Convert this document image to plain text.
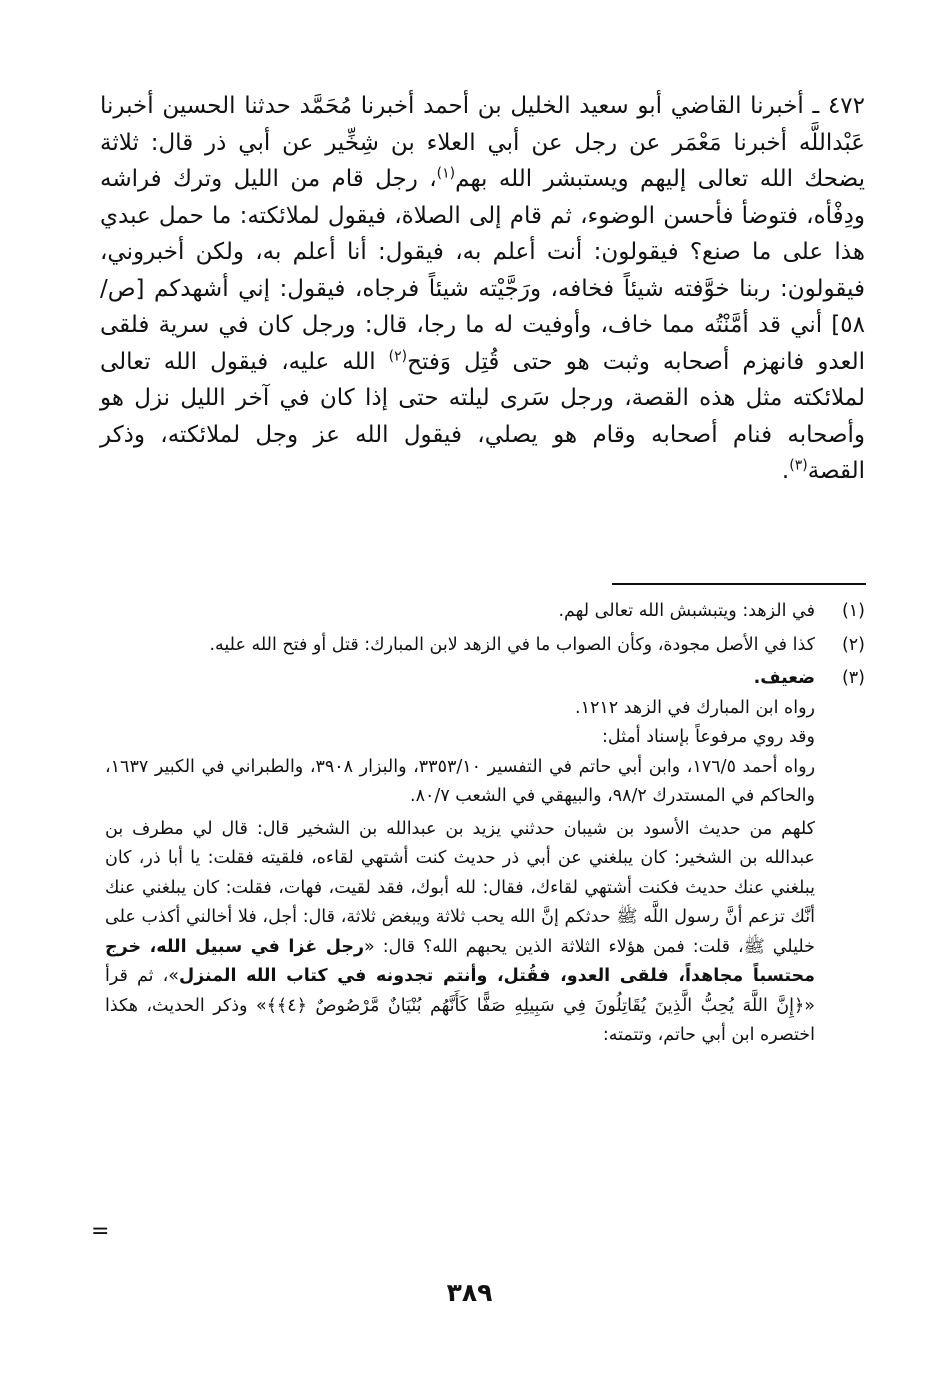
٤٧٢ ـ أخبرنا القاضي أبو سعيد الخليل بن أحمد أخبرنا مُحَمَّد حدثنا الحسين أخبرنا عَبْداللَّه أخبرنا مَعْمَر عن رجل عن أبي العلاء بن شِخِّير عن أبي ذر قال: ثلاثة يضحك الله تعالى إليهم ويستبشر الله بهم$^{(١)}$، رجل قام من الليل وترك فراشه ودِفْأه، فتوضأ فأحسن الوضوء، ثم قام إلى الصلاة، فيقول لملائكته: ما حمل عبدي هذا على ما صنع؟ فيقولون: أنت أعلم به، فيقول: أنا أعلم به، ولكن أخبروني، فيقولون: ربنا خوَّفته شيئاً فخافه، ورَجَّيْته شيئاً فرجاه، فيقول: إني أشهدكم [ص/٥٨] أني قد أمَّنْتُه مما خاف، وأوفيت له ما رجا، قال: ورجل كان في سرية فلقى العدو فانهزم أصحابه وثبت هو حتى قُتِل وَفتح$^{(٢)}$ الله عليه، فيقول الله تعالى لملائكته مثل هذه القصة، ورجل سَرى ليلته حتى إذا كان في آخر الليل نزل هو وأصحابه فنام أصحابه وقام هو يصلي، فيقول الله عز وجل لملائكته، وذكر القصة$^{(٣)}$.

(١)

في الزهد: ويتبشبش الله تعالى لهم.

(٢)

كذا في الأصل مجودة، وكأن الصواب ما في الزهد لابن المبارك: قتل أو فتح الله عليه.

(٣)

ضعيف.

رواه ابن المبارك في الزهد ١٢١٢.

وقد روي مرفوعاً بإسناد أمثل:

رواه أحمد ١٧٦/٥، وابن أبي حاتم في التفسير ٣٣٥٣/١٠، والبزار ٣٩٠٨، والطبراني في الكبير ١٦٣٧، والحاكم في المستدرك ٩٨/٢، والبيهقي في الشعب ٨٠/٧.

كلهم من حديث الأسود بن شيبان حدثني يزيد بن عبدالله بن الشخير قال: قال لي مطرف بن عبدالله بن الشخير: كان يبلغني عن أبي ذر حديث كنت أشتهي لقاءه، فلقيته فقلت: يا أبا ذر، كان يبلغني عنك حديث فكنت أشتهي لقاءك، فقال: لله أبوك، فقد لقيت، فهات، فقلت: كان يبلغني عنك أنَّك تزعم أنَّ رسول اللَّه ﷺ حدثكم إنَّ الله يحب ثلاثة ويبغض ثلاثة، قال: أجل، فلا أخالني أكذب على خليلي ﷺ، قلت: فمن هؤلاء الثلاثة الذين يحبهم الله؟ قال: «رجل غزا في سبيل الله، خرج محتسباً مجاهداً، فلقى العدو، فقُتل، وأنتم تجدونه في كتاب الله المنزل»، ثم قرأ «﴿إِنَّ اللَّهَ يُحِبُّ الَّذِينَ يُقَاتِلُونَ فِي سَبِيلِهِ صَفًّا كَأَنَّهُم بُنْيَانٌ مَّرْصُوصٌ ﴿٤﴾﴾» وذكر الحديث، هكذا اختصره ابن أبي حاتم، وتتمته:

=
٣٨٩
